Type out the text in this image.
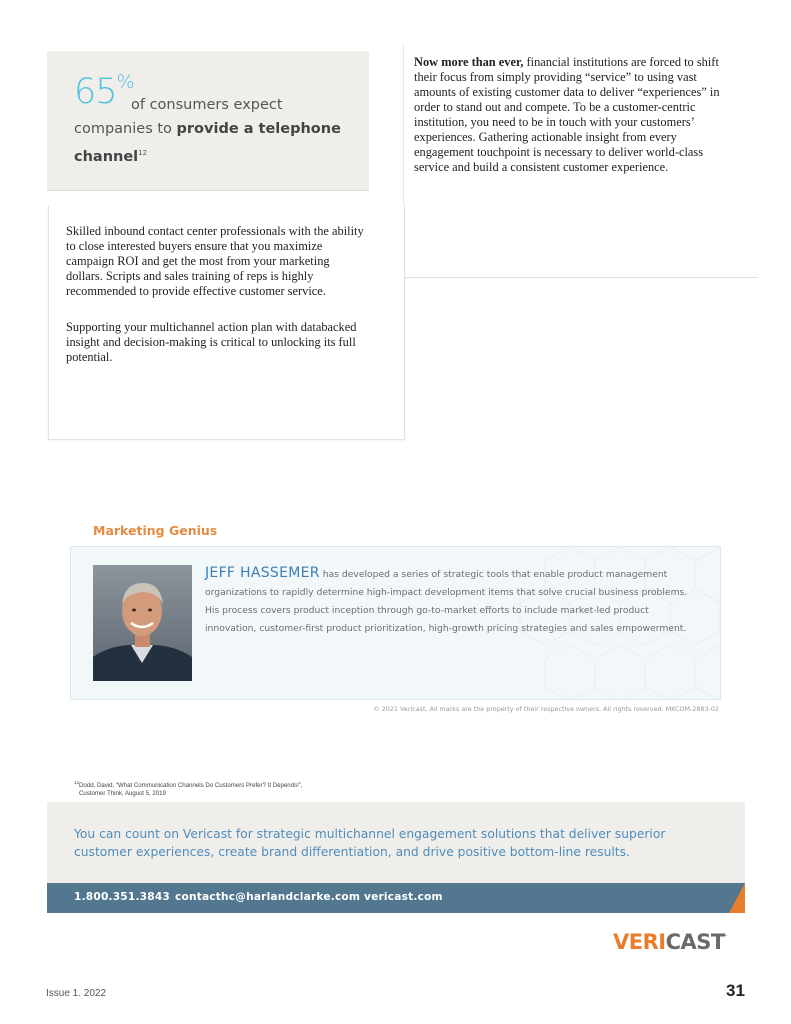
65%
of consumers expect companies to provide a telephone channel$^{12}$

Now more than ever, financial institutions are forced to shift their focus from simply providing “service” to using vast amounts of existing customer data to deliver “experiences” in order to stand out and compete. To be a customer-centric institution, you need to be in touch with your customers’ experiences. Gathering actionable insight from every engagement touchpoint is necessary to deliver world-class service and build a consistent customer experience.

Skilled inbound contact center professionals with the ability to close interested buyers ensure that you maximize campaign ROI and get the most from your marketing dollars. Scripts and sales training of reps is highly recommended to provide effective customer service.

Supporting your multichannel action plan with databacked insight and decision-making is critical to unlocking its full potential.

Marketing Genius
JEFF HASSEMER has developed a series of strategic tools that enable product management organizations to rapidly determine high-impact development items that solve crucial business problems. His process covers product inception through go-to-market efforts to include market-led product innovation, customer-first product prioritization, high-growth pricing strategies and sales empowerment.
© 2021 Vericast. All marks are the property of their respective owners. All rights reserved. MKCOM-2883-02
$^{12}$Dodd, David, “What Communication Channels Do Customers Prefer? It Depends!”,
Customer Think, August 5, 2019
You can count on Vericast for strategic multichannel engagement solutions that deliver superior customer experiences, create brand differentiation, and drive positive bottom-line results.
1.800.351.3843 contacthc@harlandclarke.com vericast.com
VERICAST.
Issue 1. 2022	31
